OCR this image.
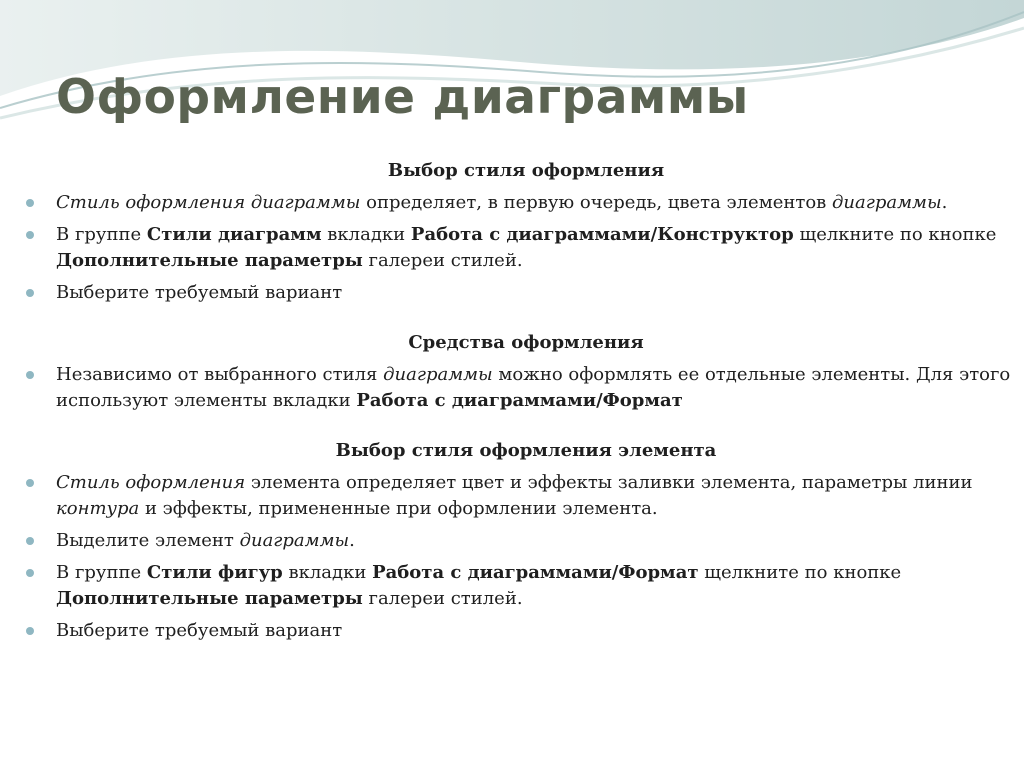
Оформление диаграммы
Выбор стиля оформления
Стиль оформления диаграммы определяет, в первую очередь, цвета элементов диаграммы.
В группе Стили диаграмм вкладки Работа с диаграммами/Конструктор щелкните по кнопке Дополнительные параметры галереи стилей.
Выберите требуемый вариант
Средства оформления
Независимо от выбранного стиля диаграммы можно оформлять ее отдельные элементы. Для этого используют элементы вкладки Работа с диаграммами/Формат
Выбор стиля оформления элемента
Стиль оформления элемента определяет цвет и эффекты заливки элемента, параметры линии контура и эффекты, примененные при оформлении элемента.
Выделите элемент диаграммы.
В группе Стили фигур вкладки Работа с диаграммами/Формат щелкните по кнопке Дополнительные параметры галереи стилей.
Выберите требуемый вариант
